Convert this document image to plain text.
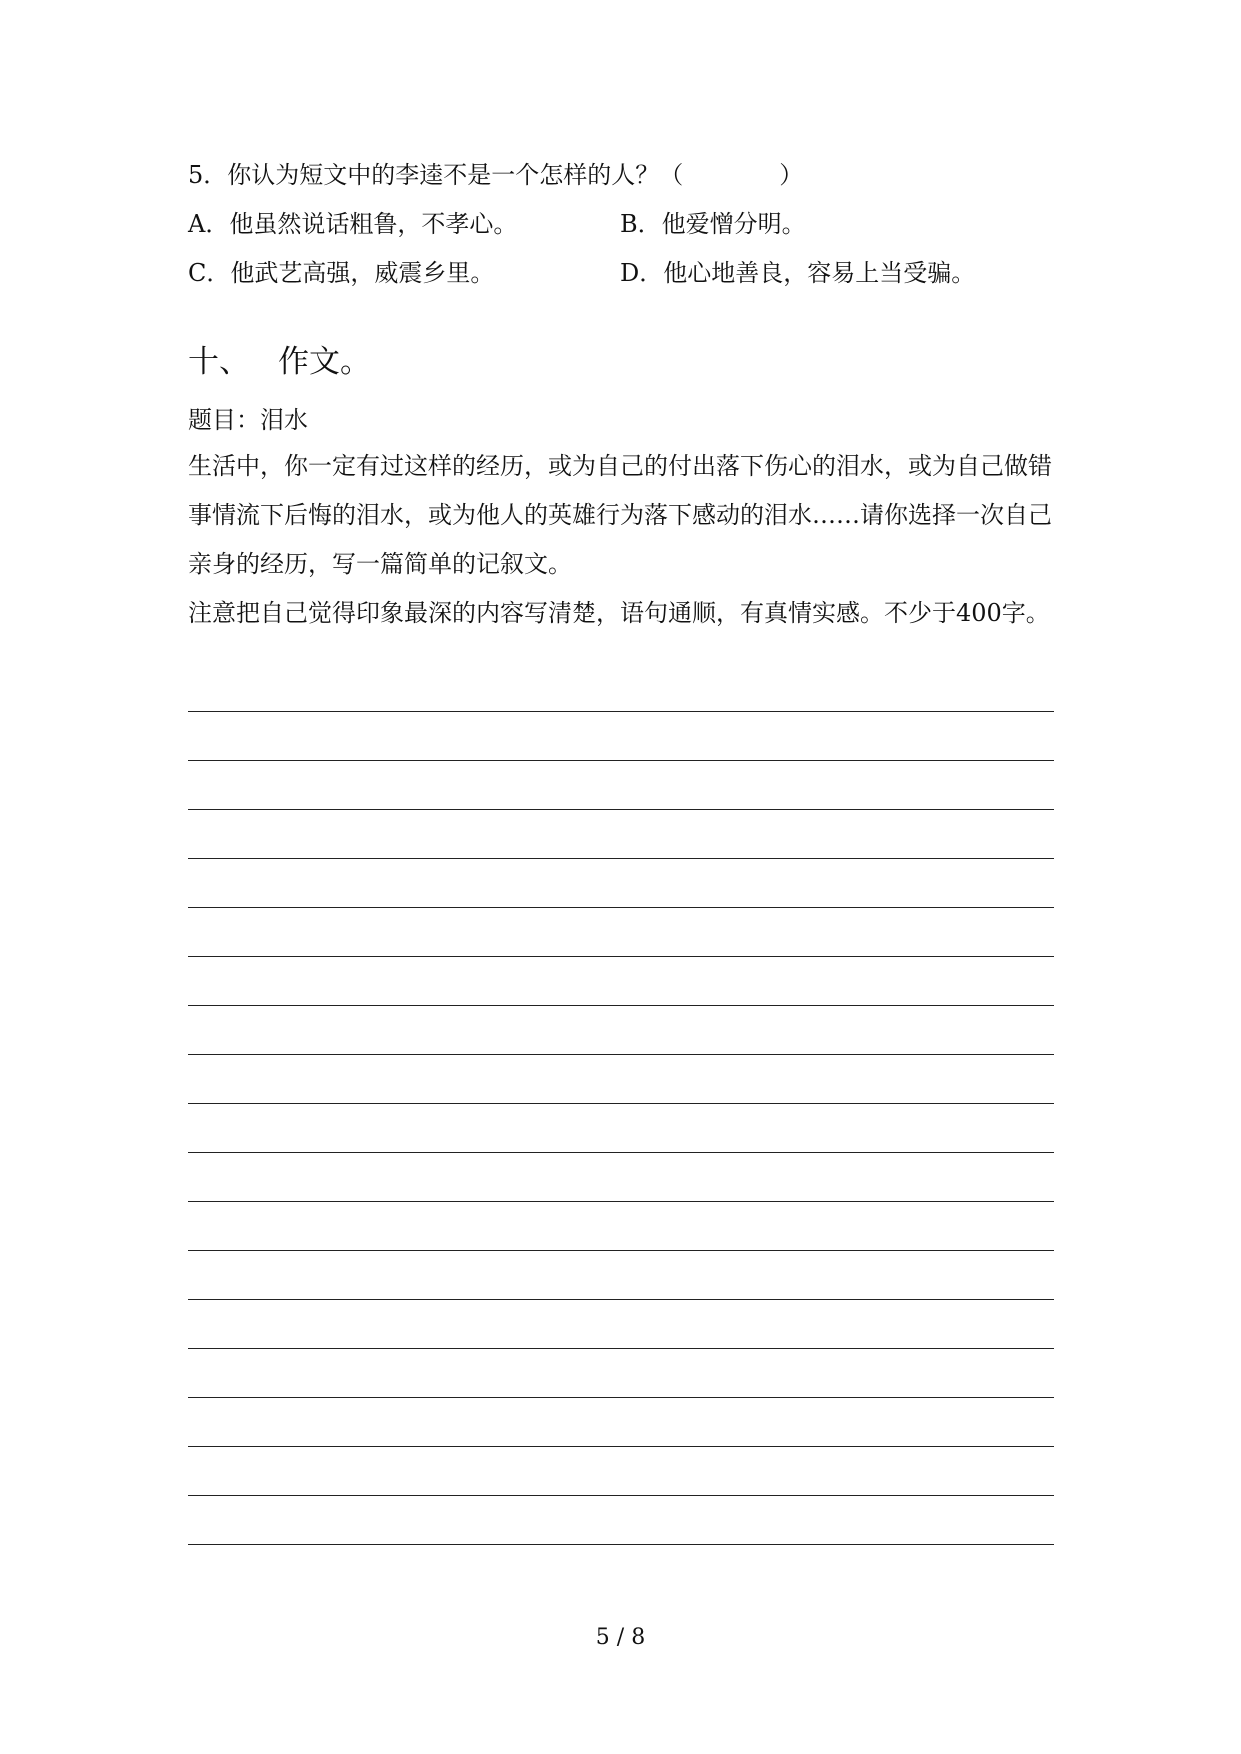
5．你认为短文中的李逵不是一个怎样的人？（　　　　）
A．他虽然说话粗鲁，不孝心。	B．他爱憎分明。
C．他武艺高强，威震乡里。	D．他心地善良，容易上当受骗。
十、 作文。
题目：泪水
生活中，你一定有过这样的经历，或为自己的付出落下伤心的泪水，或为自己做错事情流下后悔的泪水，或为他人的英雄行为落下感动的泪水……请你选择一次自己亲身的经历，写一篇简单的记叙文。
注意把自己觉得印象最深的内容写清楚，语句通顺，有真情实感。不少于400字。
5 / 8
